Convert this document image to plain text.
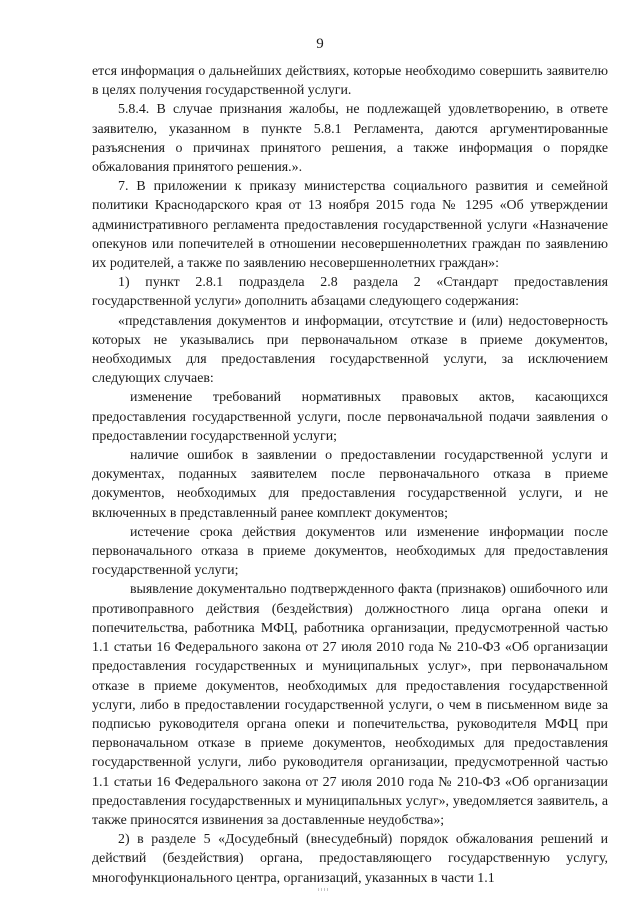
9

ется информация о дальнейших действиях, которые необходимо совершить заявителю в целях получения государственной услуги.

5.8.4. В случае признания жалобы, не подлежащей удовлетворению, в ответе заявителю, указанном в пункте 5.8.1 Регламента, даются аргументированные разъяснения о причинах принятого решения, а также информация о порядке обжалования принятого решения.».

7. В приложении к приказу министерства социального развития и семейной политики Краснодарского края от 13 ноября 2015 года № 1295 «Об утверждении административного регламента предоставления государственной услуги «Назначение опекунов или попечителей в отношении несовершеннолетних граждан по заявлению их родителей, а также по заявлению несовершеннолетних граждан»:

1) пункт 2.8.1 подраздела 2.8 раздела 2 «Стандарт предоставления государственной услуги» дополнить абзацами следующего содержания:

«представления документов и информации, отсутствие и (или) недостоверность которых не указывались при первоначальном отказе в приеме документов, необходимых для предоставления государственной услуги, за исключением следующих случаев:

изменение требований нормативных правовых актов, касающихся предоставления государственной услуги, после первоначальной подачи заявления о предоставлении государственной услуги;

наличие ошибок в заявлении о предоставлении государственной услуги и документах, поданных заявителем после первоначального отказа в приеме документов, необходимых для предоставления государственной услуги, и не включенных в представленный ранее комплект документов;

истечение срока действия документов или изменение информации после первоначального отказа в приеме документов, необходимых для предоставления государственной услуги;

выявление документально подтвержденного факта (признаков) ошибочного или противоправного действия (бездействия) должностного лица органа опеки и попечительства, работника МФЦ, работника организации, предусмотренной частью 1.1 статьи 16 Федерального закона от 27 июля 2010 года № 210-ФЗ «Об организации предоставления государственных и муниципальных услуг», при первоначальном отказе в приеме документов, необходимых для предоставления государственной услуги, либо в предоставлении государственной услуги, о чем в письменном виде за подписью руководителя органа опеки и попечительства, руководителя МФЦ при первоначальном отказе в приеме документов, необходимых для предоставления государственной услуги, либо руководителя организации, предусмотренной частью 1.1 статьи 16 Федерального закона от 27 июля 2010 года № 210-ФЗ «Об организации предоставления государственных и муниципальных услуг», уведомляется заявитель, а также приносятся извинения за доставленные неудобства»;

2) в разделе 5 «Досудебный (внесудебный) порядок обжалования решений и действий (бездействия) органа, предоставляющего государственную услугу, многофункционального центра, организаций, указанных в части 1.1
